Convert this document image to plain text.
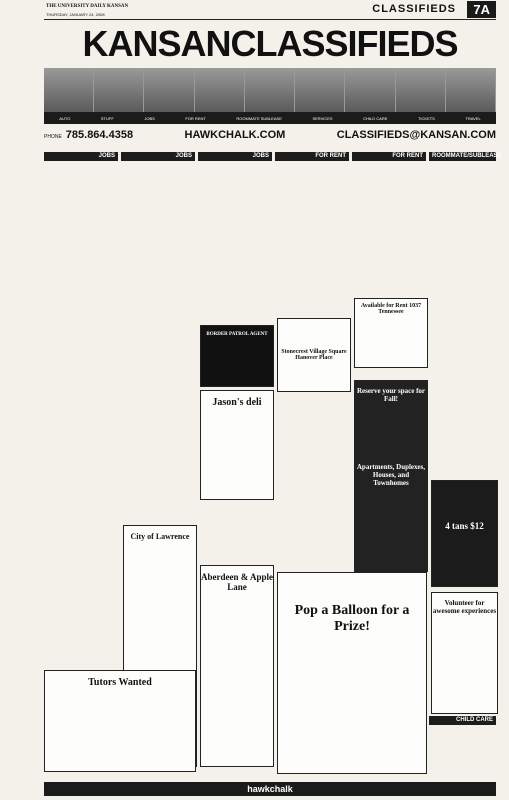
THE UNIVERSITY DAILY KANSAN
THURSDAY, JANUARY 24, 2008	CLASSIFIEDS	7A
KANSANCLASSIFIEDS
AUTO	STUFF	JOBS	FOR RENT	ROOMMATE SUBLEASE	SERVICES	CHILD CARE	TICKETS	TRAVEL
PHONE 785.864.4358	HAWKCHALK.COM	CLASSIFIEDS@KANSAN.COM
JOBS	JOBS	JOBS	FOR RENT	FOR RENT	ROOMMATE/SUBLEASE
BORDER PATROL AGENT
Jason's deli
Stonecrest Village Square Hanover Place
Available for Rent 1037 Tennessee
Reserve your space for Fall!
Apartments, Duplexes, Houses, and Townhomes
City of Lawrence
Aberdeen & Apple Lane
Pop a Balloon for a Prize!
Tutors Wanted
4 tans $12
Volunteer for awesome experiences
CHILD CARE
hawkchalk
